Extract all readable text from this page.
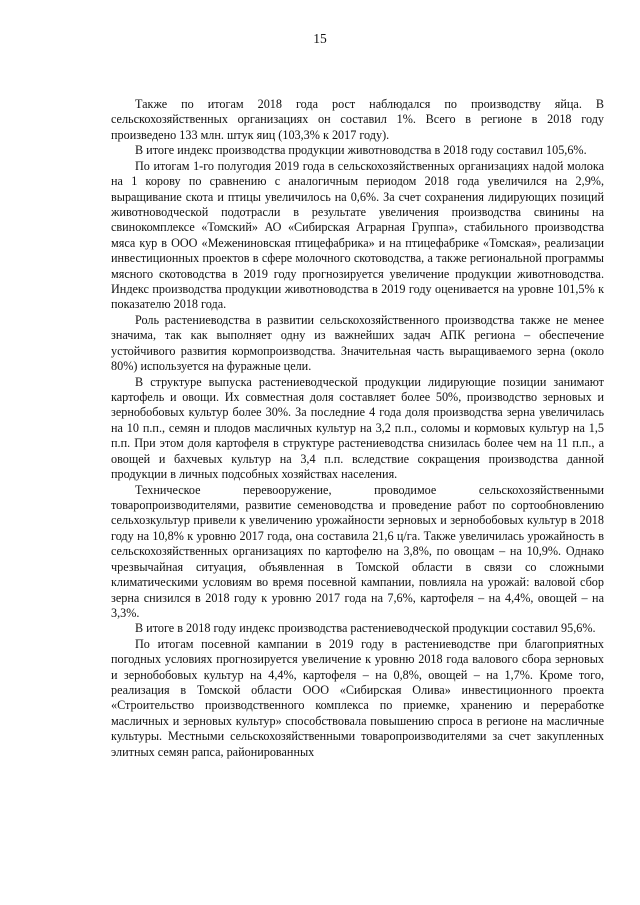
15

Также по итогам 2018 года рост наблюдался по производству яйца. В сельскохозяйственных организациях он составил 1%. Всего в регионе в 2018 году произведено 133 млн. штук яиц (103,3% к 2017 году).

В итоге индекс производства продукции животноводства в 2018 году составил 105,6%.

По итогам 1-го полугодия 2019 года в сельскохозяйственных организациях надой молока на 1 корову по сравнению с аналогичным периодом 2018 года увеличился на 2,9%, выращивание скота и птицы увеличилось на 0,6%. За счет сохранения лидирующих позиций животноводческой подотрасли в результате увеличения производства свинины на свинокомплексе «Томский» АО «Сибирская Аграрная Группа», стабильного производства мяса кур в ООО «Межениновская птицефабрика» и на птицефабрике «Томская», реализации инвестиционных проектов в сфере молочного скотоводства, а также региональной программы мясного скотоводства в 2019 году прогнозируется увеличение продукции животноводства. Индекс производства продукции животноводства в 2019 году оценивается на уровне 101,5% к показателю 2018 года.

Роль растениеводства в развитии сельскохозяйственного производства также не менее значима, так как выполняет одну из важнейших задач АПК региона – обеспечение устойчивого развития кормопроизводства. Значительная часть выращиваемого зерна (около 80%) используется на фуражные цели.

В структуре выпуска растениеводческой продукции лидирующие позиции занимают картофель и овощи. Их совместная доля составляет более 50%, производство зерновых и зернобобовых культур более 30%. За последние 4 года доля производства зерна увеличилась на 10 п.п., семян и плодов масличных культур на 3,2 п.п., соломы и кормовых культур на 1,5 п.п. При этом доля картофеля в структуре растениеводства снизилась более чем на 11 п.п., а овощей и бахчевых культур на 3,4 п.п. вследствие сокращения производства данной продукции в личных подсобных хозяйствах населения.

Техническое перевооружение, проводимое сельскохозяйственными товаропроизводителями, развитие семеноводства и проведение работ по сортообновлению сельхозкультур привели к увеличению урожайности зерновых и зернобобовых культур в 2018 году на 10,8% к уровню 2017 года, она составила 21,6 ц/га. Также увеличилась урожайность в сельскохозяйственных организациях по картофелю на 3,8%, по овощам – на 10,9%. Однако чрезвычайная ситуация, объявленная в Томской области в связи со сложными климатическими условиям во время посевной кампании, повлияла на урожай: валовой сбор зерна снизился в 2018 году к уровню 2017 года на 7,6%, картофеля – на 4,4%, овощей – на 3,3%.

В итоге в 2018 году индекс производства растениеводческой продукции составил 95,6%.

По итогам посевной кампании в 2019 году в растениеводстве при благоприятных погодных условиях прогнозируется увеличение к уровню 2018 года валового сбора зерновых и зернобобовых культур на 4,4%, картофеля – на 0,8%, овощей – на 1,7%. Кроме того, реализация в Томской области ООО «Сибирская Олива» инвестиционного проекта «Строительство производственного комплекса по приемке, хранению и переработке масличных и зерновых культур» способствовала повышению спроса в регионе на масличные культуры. Местными сельскохозяйственными товаропроизводителями за счет закупленных элитных семян рапса, районированных
